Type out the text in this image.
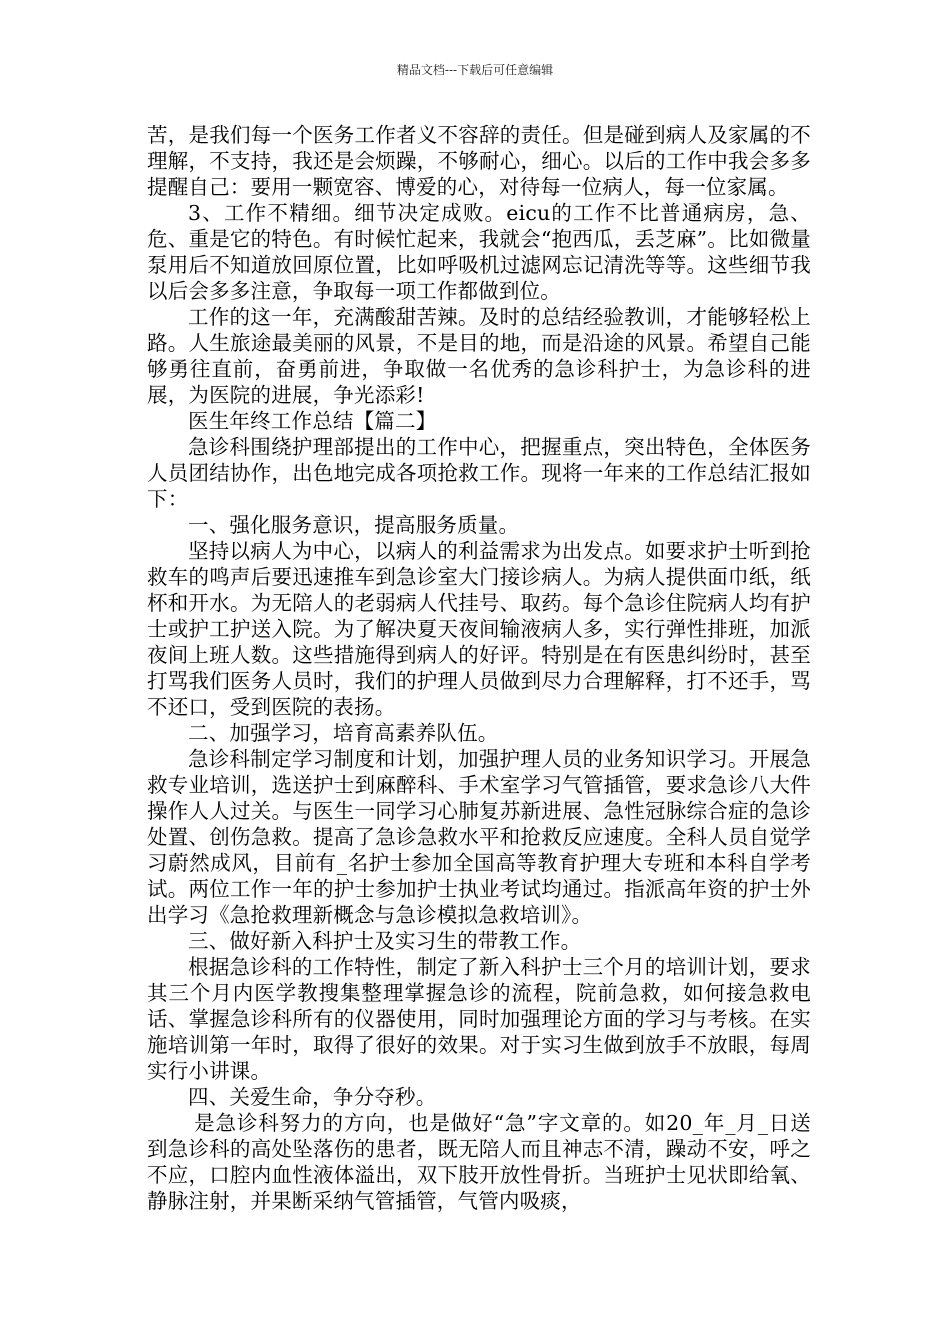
精品文档---下载后可任意编辑

苦，是我们每一个医务工作者义不容辞的责任。但是碰到病人及家属的不理解，不支持，我还是会烦躁，不够耐心，细心。以后的工作中我会多多提醒自己：要用一颗宽容、博爱的心，对待每一位病人，每一位家属。

3、工作不精细。细节决定成败。eicu的工作不比普通病房，急、危、重是它的特色。有时候忙起来，我就会“抱西瓜，丢芝麻”。比如微量泵用后不知道放回原位置，比如呼吸机过滤网忘记清洗等等。这些细节我以后会多多注意，争取每一项工作都做到位。

工作的这一年，充满酸甜苦辣。及时的总结经验教训，才能够轻松上路。人生旅途最美丽的风景，不是目的地，而是沿途的风景。希望自己能够勇往直前，奋勇前进，争取做一名优秀的急诊科护士，为急诊科的进展，为医院的进展，争光添彩!

医生年终工作总结【篇二】

急诊科围绕护理部提出的工作中心，把握重点，突出特色，全体医务人员团结协作，出色地完成各项抢救工作。现将一年来的工作总结汇报如下：

一、强化服务意识，提高服务质量。

坚持以病人为中心，以病人的利益需求为出发点。如要求护士听到抢救车的鸣声后要迅速推车到急诊室大门接诊病人。为病人提供面巾纸，纸杯和开水。为无陪人的老弱病人代挂号、取药。每个急诊住院病人均有护士或护工护送入院。为了解决夏天夜间输液病人多，实行弹性排班，加派夜间上班人数。这些措施得到病人的好评。特别是在有医患纠纷时，甚至打骂我们医务人员时，我们的护理人员做到尽力合理解释，打不还手，骂不还口，受到医院的表扬。

二、加强学习，培育高素养队伍。

急诊科制定学习制度和计划，加强护理人员的业务知识学习。开展急救专业培训，选送护士到麻醉科、手术室学习气管插管，要求急诊八大件操作人人过关。与医生一同学习心肺复苏新进展、急性冠脉综合症的急诊处置、创伤急救。提高了急诊急救水平和抢救反应速度。全科人员自觉学习蔚然成风，目前有_名护士参加全国高等教育护理大专班和本科自学考试。两位工作一年的护士参加护士执业考试均通过。指派高年资的护士外出学习《急抢救理新概念与急诊模拟急救培训》。

三、做好新入科护士及实习生的带教工作。

根据急诊科的工作特性，制定了新入科护士三个月的培训计划，要求其三个月内医学教搜集整理掌握急诊的流程，院前急救，如何接急救电话、掌握急诊科所有的仪器使用，同时加强理论方面的学习与考核。在实施培训第一年时，取得了很好的效果。对于实习生做到放手不放眼，每周实行小讲课。

四、关爱生命，争分夺秒。

是急诊科努力的方向，也是做好“急”字文章的。如20_年_月_日送到急诊科的高处坠落伤的患者，既无陪人而且神志不清，躁动不安，呼之不应，口腔内血性液体溢出，双下肢开放性骨折。当班护士见状即给氧、静脉注射，并果断采纳气管插管，气管内吸痰，
